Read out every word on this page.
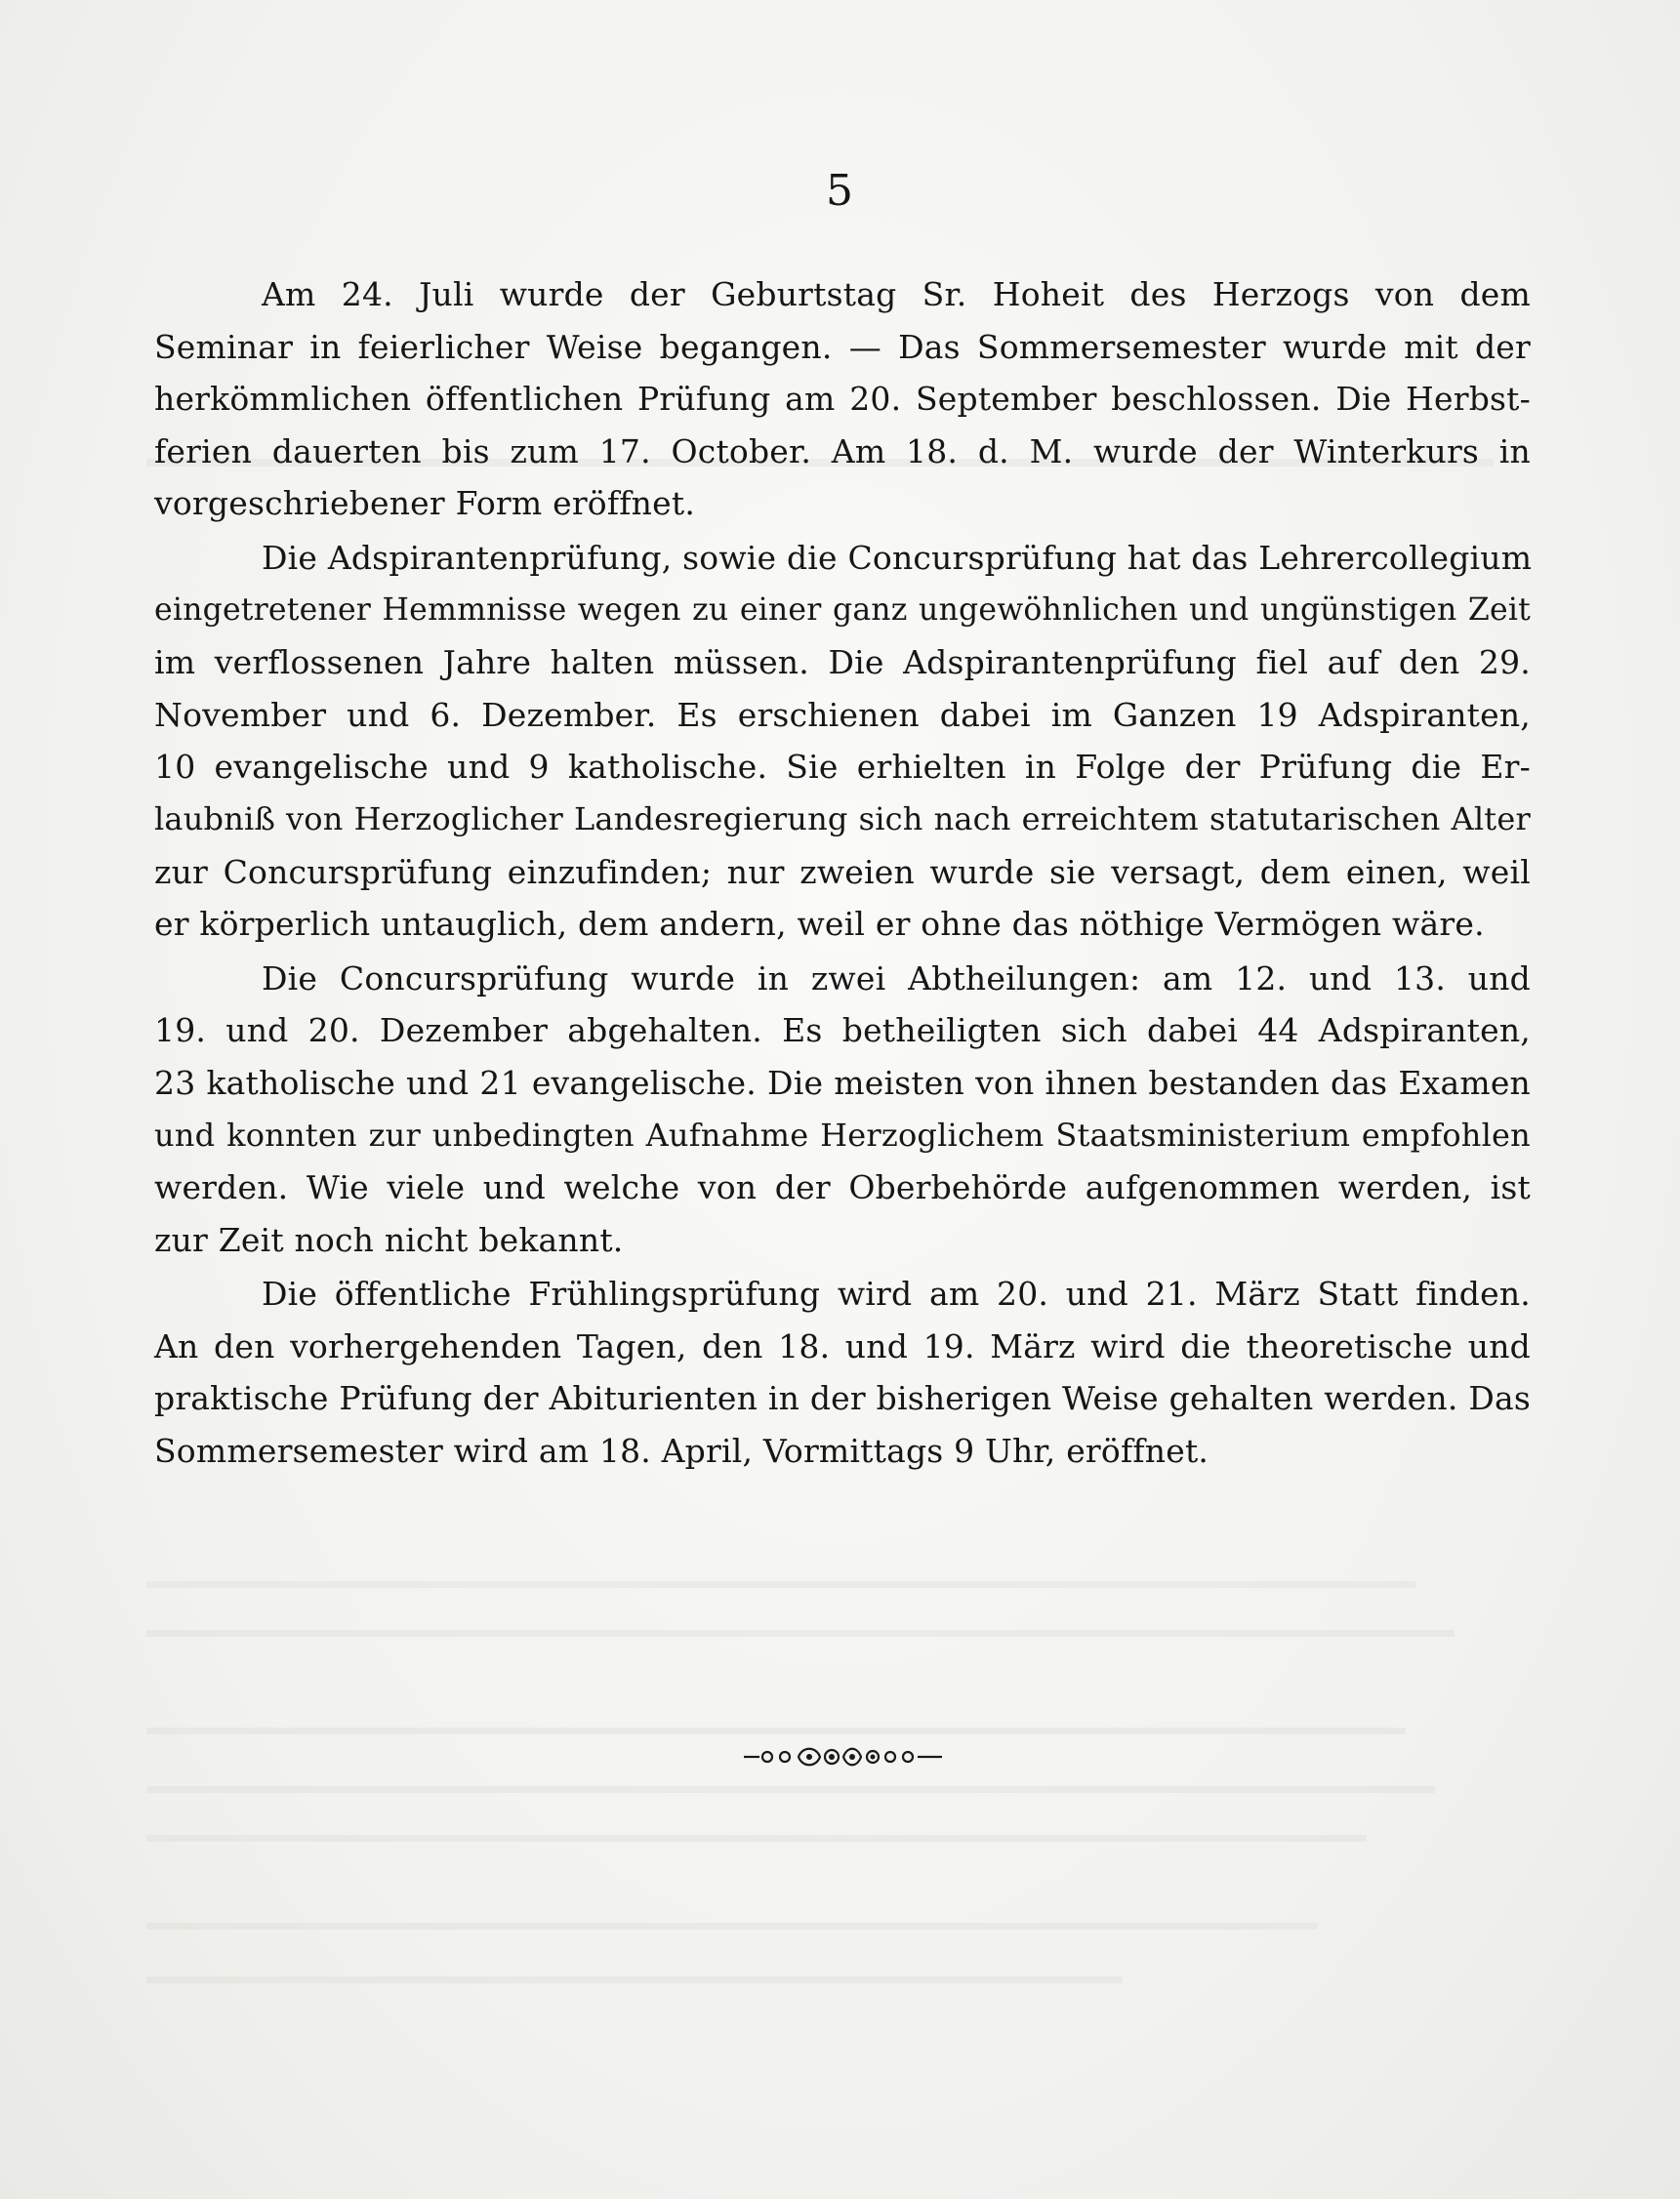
5
Am 24. Juli wurde der Geburtstag Sr. Hoheit des Herzogs von dem
Seminar in feierlicher Weise begangen. — Das Sommersemester wurde mit der
herkömmlichen öffentlichen Prüfung am 20. September beschlossen. Die Herbst-
ferien dauerten bis zum 17. October. Am 18. d. M. wurde der Winterkurs in
vorgeschriebener Form eröffnet.
Die Adspirantenprüfung, sowie die Concursprüfung hat das Lehrercollegium
eingetretener Hemmnisse wegen zu einer ganz ungewöhnlichen und ungünstigen Zeit
im verflossenen Jahre halten müssen. Die Adspirantenprüfung fiel auf den 29.
November und 6. Dezember. Es erschienen dabei im Ganzen 19 Adspiranten,
10 evangelische und 9 katholische. Sie erhielten in Folge der Prüfung die Er-
laubniß von Herzoglicher Landesregierung sich nach erreichtem statutarischen Alter
zur Concursprüfung einzufinden; nur zweien wurde sie versagt, dem einen, weil
er körperlich untauglich, dem andern, weil er ohne das nöthige Vermögen wäre.
Die Concursprüfung wurde in zwei Abtheilungen: am 12. und 13. und
19. und 20. Dezember abgehalten. Es betheiligten sich dabei 44 Adspiranten,
23 katholische und 21 evangelische. Die meisten von ihnen bestanden das Examen
und konnten zur unbedingten Aufnahme Herzoglichem Staatsministerium empfohlen
werden. Wie viele und welche von der Oberbehörde aufgenommen werden, ist
zur Zeit noch nicht bekannt.
Die öffentliche Frühlingsprüfung wird am 20. und 21. März Statt finden.
An den vorhergehenden Tagen, den 18. und 19. März wird die theoretische und
praktische Prüfung der Abiturienten in der bisherigen Weise gehalten werden. Das
Sommersemester wird am 18. April, Vormittags 9 Uhr, eröffnet.
